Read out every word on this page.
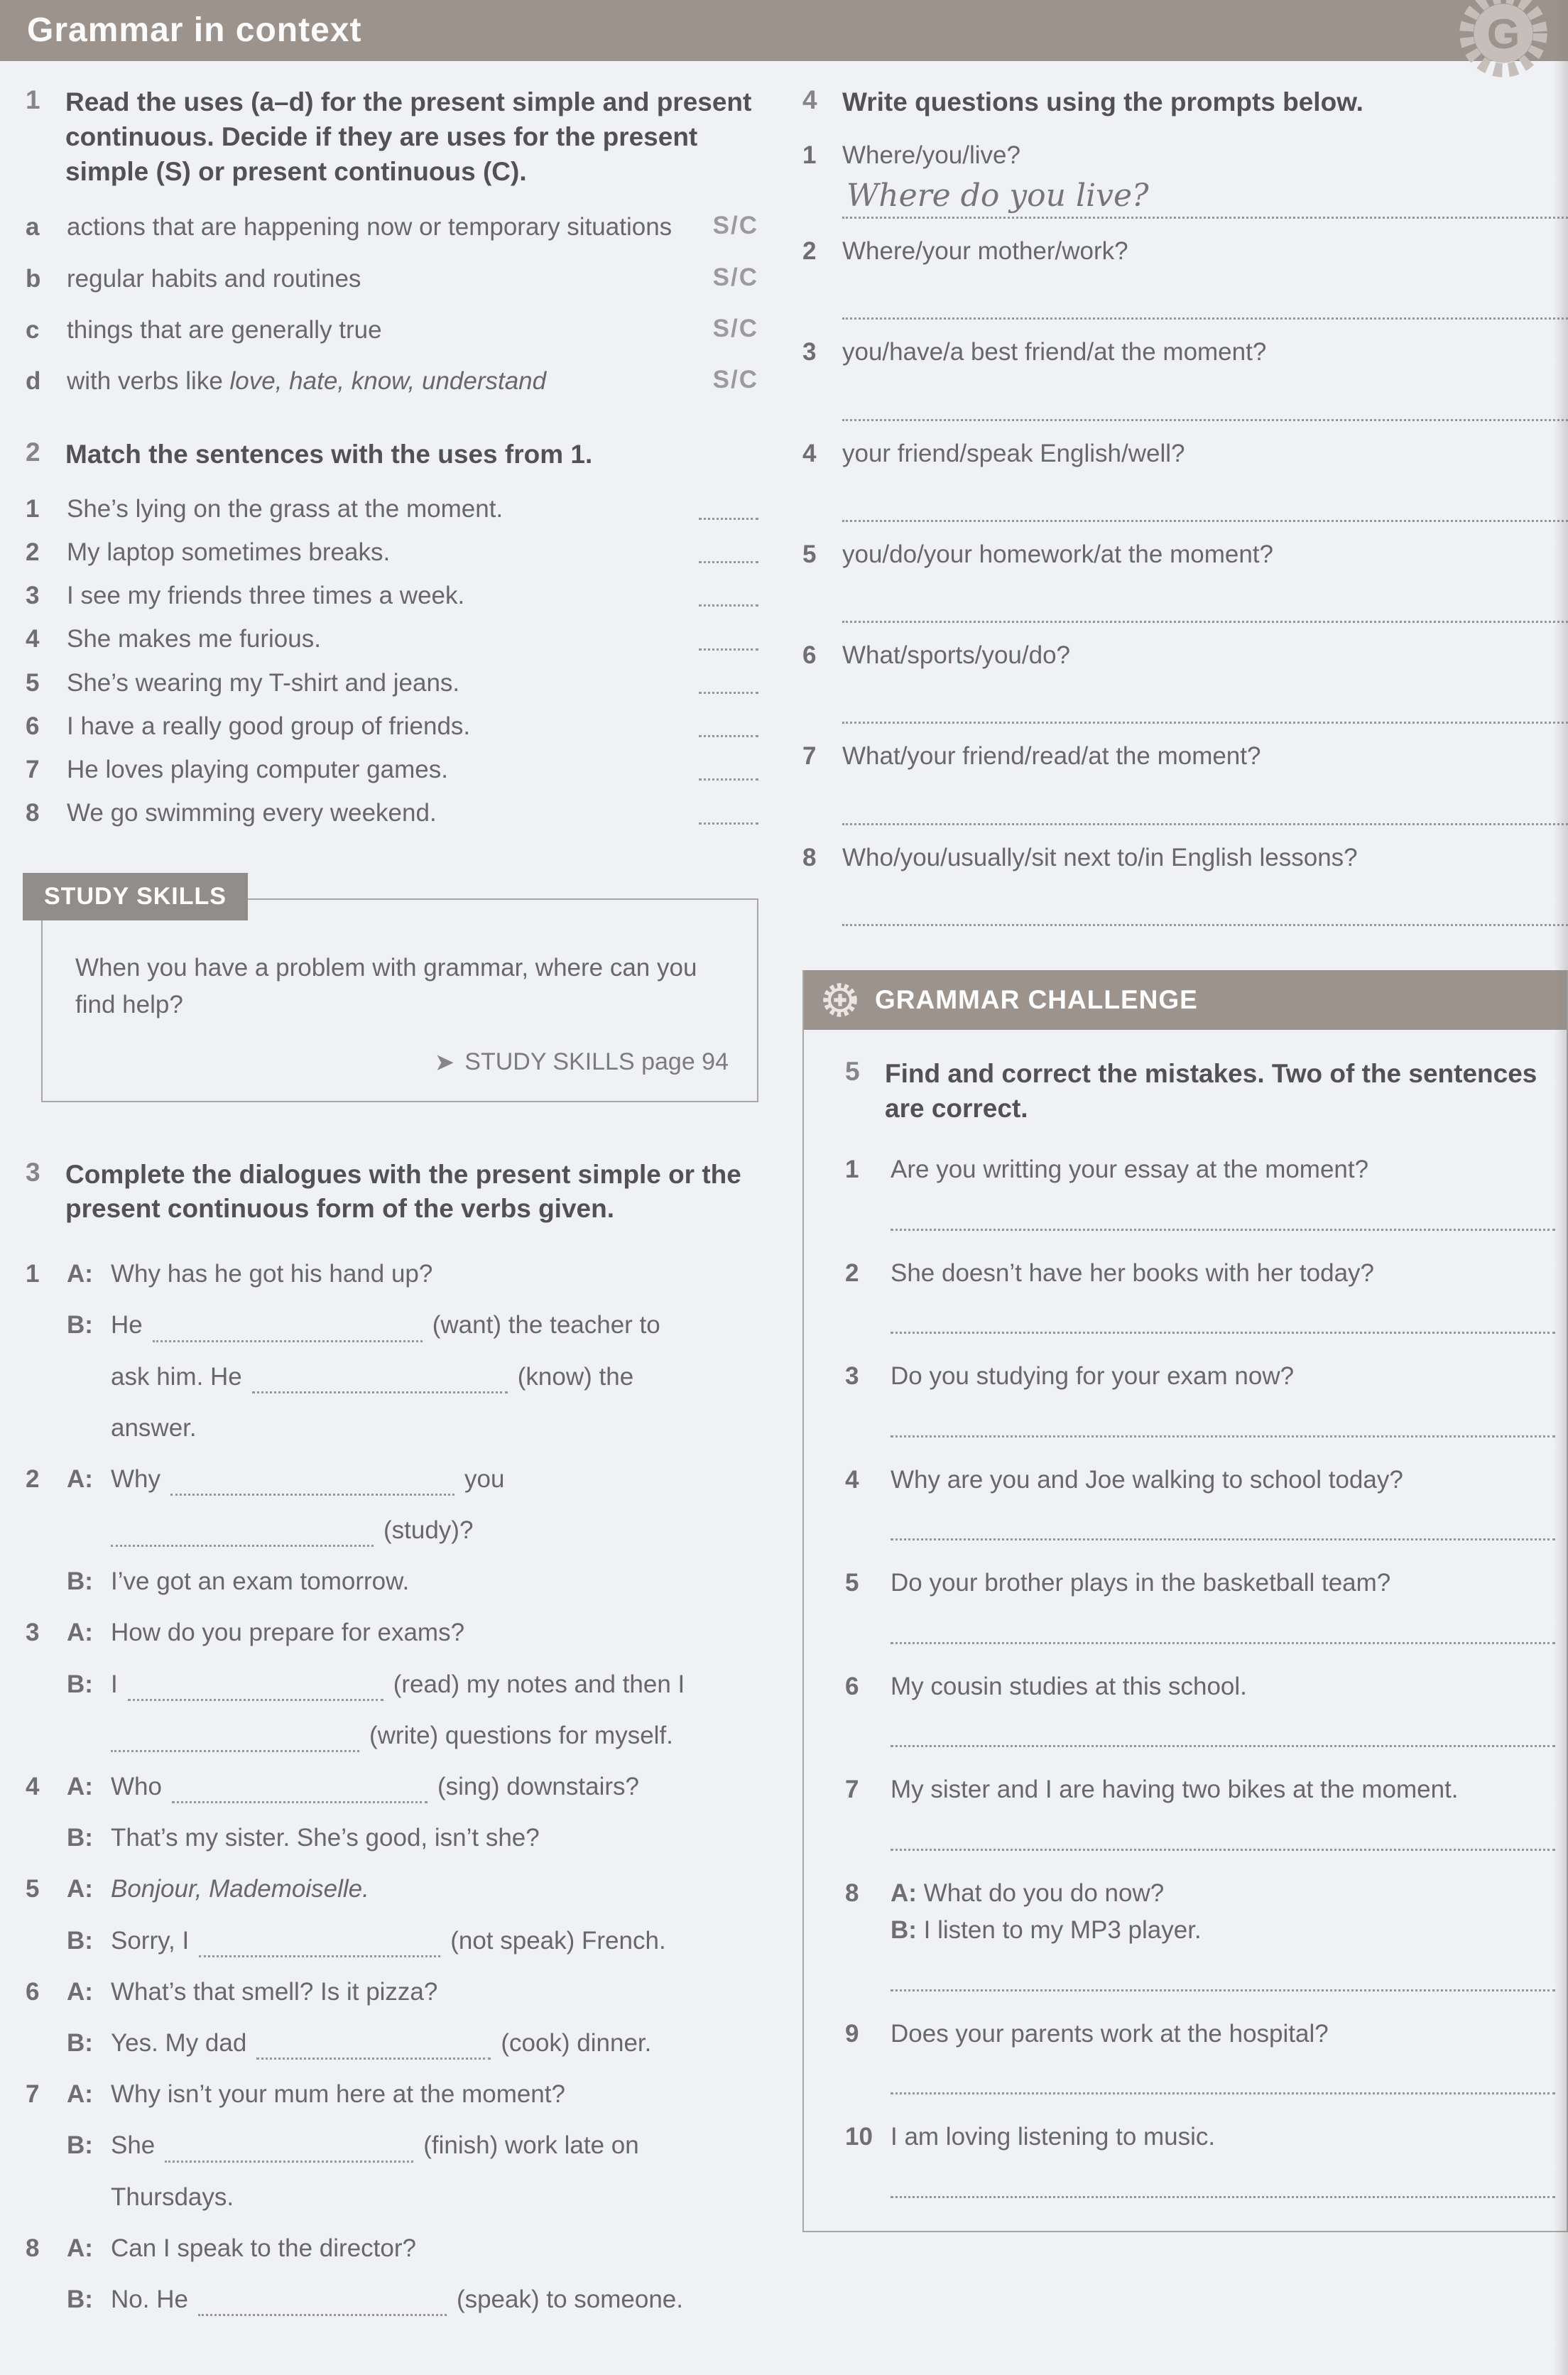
Grammar in context	G
1 Read the uses (a–d) for the present simple and present continuous. Decide if they are uses for the present simple (S) or present continuous (C).
a	actions that are happening now or temporary situations	S/C
b	regular habits and routines	S/C
c	things that are generally true	S/C
d	with verbs like love, hate, know, understand	S/C
2 Match the sentences with the uses from 1.
1	She’s lying on the grass at the moment.
2	My laptop sometimes breaks.
3	I see my friends three times a week.
4	She makes me furious.
5	She’s wearing my T-shirt and jeans.
6	I have a really good group of friends.
7	He loves playing computer games.
8	We go swimming every weekend.
STUDY SKILLS

When you have a problem with grammar, where can you find help?

➤ STUDY SKILLS page 94
3 Complete the dialogues with the present simple or the present continuous form of the verbs given.
1	A: Why has he got his hand up?
B: He	(want) the teacher to
ask him. He	(know) the
answer.
2	A: Why	you
(study)?
B: I’ve got an exam tomorrow.
3	A: How do you prepare for exams?
B: I	(read) my notes and then I
(write) questions for myself.
4	A: Who	(sing) downstairs?
B: That’s my sister. She’s good, isn’t she?
5	A: Bonjour, Mademoiselle.
B: Sorry, I	(not speak) French.
6	A: What’s that smell? Is it pizza?
B: Yes. My dad	(cook) dinner.
7	A: Why isn’t your mum here at the moment?
B: She	(finish) work late on
Thursdays.
8	A: Can I speak to the director?
B: No. He	(speak) to someone.
4 Write questions using the prompts below.
1	Where/you/live?
Where do you live?
2	Where/your mother/work?
3	you/have/a best friend/at the moment?
4	your friend/speak English/well?
5	you/do/your homework/at the moment?
6	What/sports/you/do?
7	What/your friend/read/at the moment?
8	Who/you/usually/sit next to/in English lessons?
GRAMMAR CHALLENGE
5 Find and correct the mistakes. Two of the sentences are correct.
1	Are you writting your essay at the moment?
2	She doesn’t have her books with her today?
3	Do you studying for your exam now?
4	Why are you and Joe walking to school today?
5	Do your brother plays in the basketball team?
6	My cousin studies at this school.
7	My sister and I are having two bikes at the moment.
8	A: What do you do now?
B: I listen to my MP3 player.
9	Does your parents work at the hospital?
10 I am loving listening to music.
